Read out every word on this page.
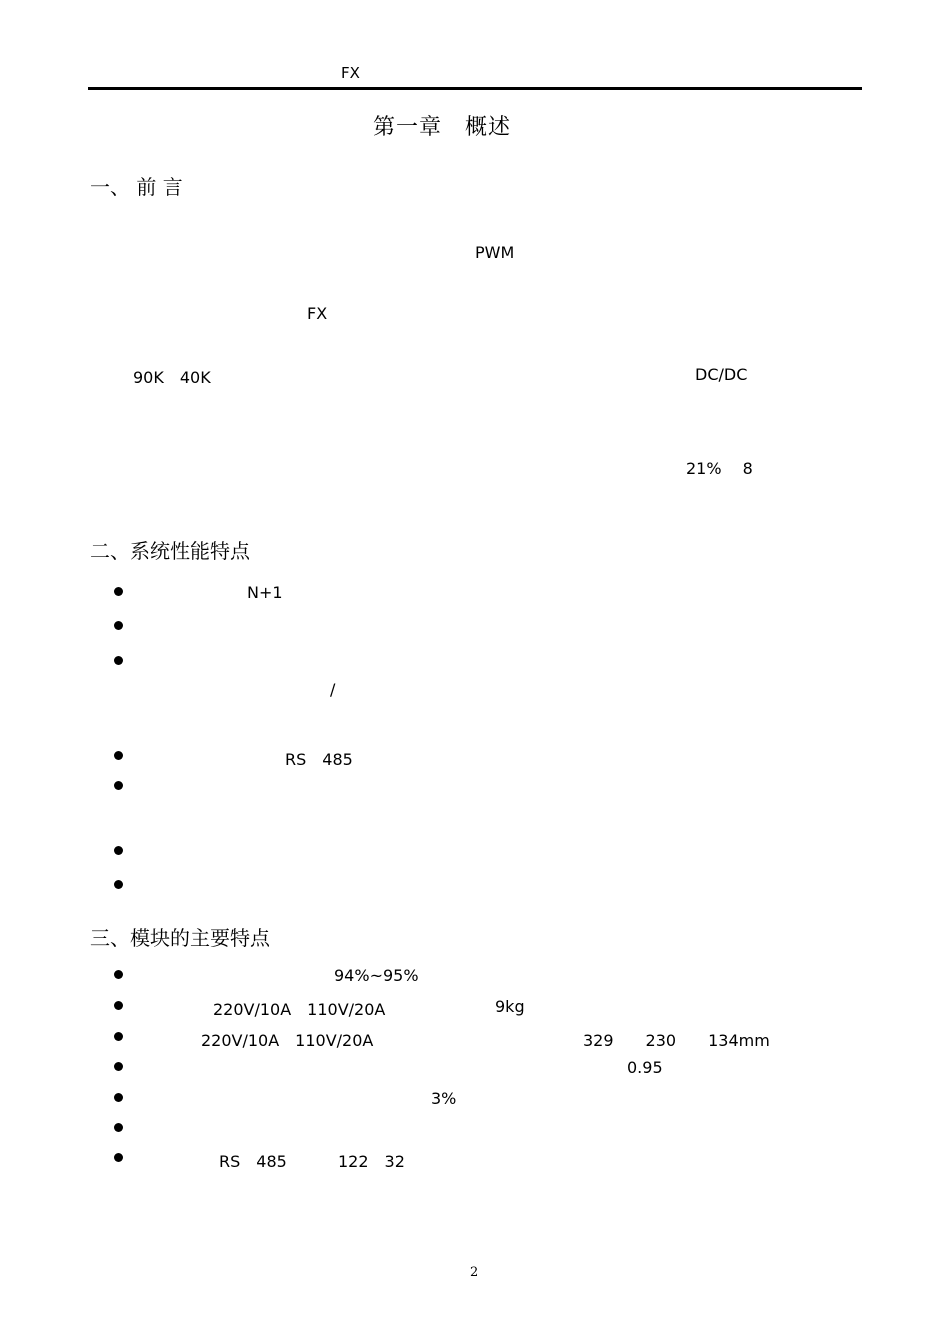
FX
第一章　概述
一、 前 言
PWM
FX
90K　40K	DC/DC
21%　 8
二、系统性能特点
N+1
/
RS　485
三、模块的主要特点
94%~95%
220V/10A　110V/20A	9kg
220V/10A　110V/20A	329　　230　　134mm
0.95
3%
RS　485	122　32
2
